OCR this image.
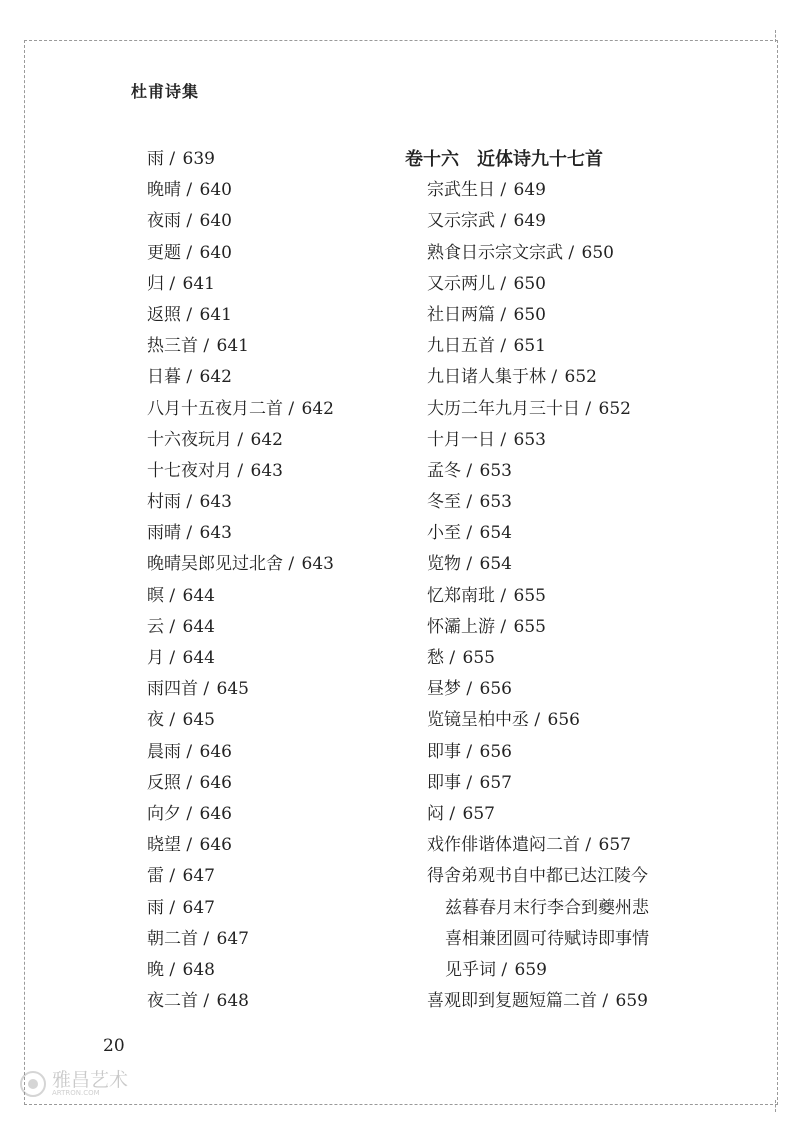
杜甫诗集
雨 / 639
晚晴 / 640
夜雨 / 640
更题 / 640
归 / 641
返照 / 641
热三首 / 641
日暮 / 642
八月十五夜月二首 / 642
十六夜玩月 / 642
十七夜对月 / 643
村雨 / 643
雨晴 / 643
晚晴吴郎见过北舍 / 643
暝 / 644
云 / 644
月 / 644
雨四首 / 645
夜 / 645
晨雨 / 646
反照 / 646
向夕 / 646
晓望 / 646
雷 / 647
雨 / 647
朝二首 / 647
晚 / 648
夜二首 / 648
卷十六　近体诗九十七首
宗武生日 / 649
又示宗武 / 649
熟食日示宗文宗武 / 650
又示两儿 / 650
社日两篇 / 650
九日五首 / 651
九日诸人集于林 / 652
大历二年九月三十日 / 652
十月一日 / 653
孟冬 / 653
冬至 / 653
小至 / 654
览物 / 654
忆郑南玭 / 655
怀灞上游 / 655
愁 / 655
昼梦 / 656
览镜呈柏中丞 / 656
即事 / 656
即事 / 657
闷 / 657
戏作俳谐体遣闷二首 / 657
得舍弟观书自中都已达江陵今
兹暮春月末行李合到夔州悲
喜相兼团圆可待赋诗即事情
见乎词 / 659
喜观即到复题短篇二首 / 659
20
雅昌艺术
ARTRON.COM
